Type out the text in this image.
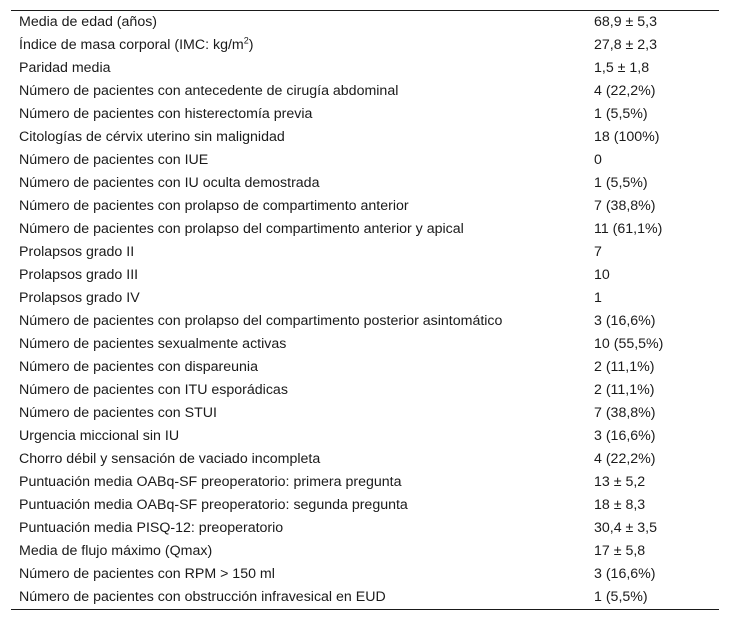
Media de edad (años)	68,9 ± 5,3
Índice de masa corporal (IMC: $kg/m^2$)	27,8 ± 2,3
Paridad media	1,5 ± 1,8
Número de pacientes con antecedente de cirugía abdominal	4 (22,2%)
Número de pacientes con histerectomía previa	1 (5,5%)
Citologías de cérvix uterino sin malignidad	18 (100%)
Número de pacientes con IUE	0
Número de pacientes con IU oculta demostrada	1 (5,5%)
Número de pacientes con prolapso de compartimento anterior	7 (38,8%)
Número de pacientes con prolapso del compartimento anterior y apical	11 (61,1%)
Prolapsos grado II	7
Prolapsos grado III	10
Prolapsos grado IV	1
Número de pacientes con prolapso del compartimento posterior asintomático	3 (16,6%)
Número de pacientes sexualmente activas	10 (55,5%)
Número de pacientes con dispareunia	2 (11,1%)
Número de pacientes con ITU esporádicas	2 (11,1%)
Número de pacientes con STUI	7 (38,8%)
Urgencia miccional sin IU	3 (16,6%)
Chorro débil y sensación de vaciado incompleta	4 (22,2%)
Puntuación media OABq-SF preoperatorio: primera pregunta	13 ± 5,2
Puntuación media OABq-SF preoperatorio: segunda pregunta	18 ± 8,3
Puntuación media PISQ-12: preoperatorio	30,4 ± 3,5
Media de flujo máximo (Qmax)	17 ± 5,8
Número de pacientes con RPM > 150 ml	3 (16,6%)
Número de pacientes con obstrucción infravesical en EUD	1 (5,5%)
